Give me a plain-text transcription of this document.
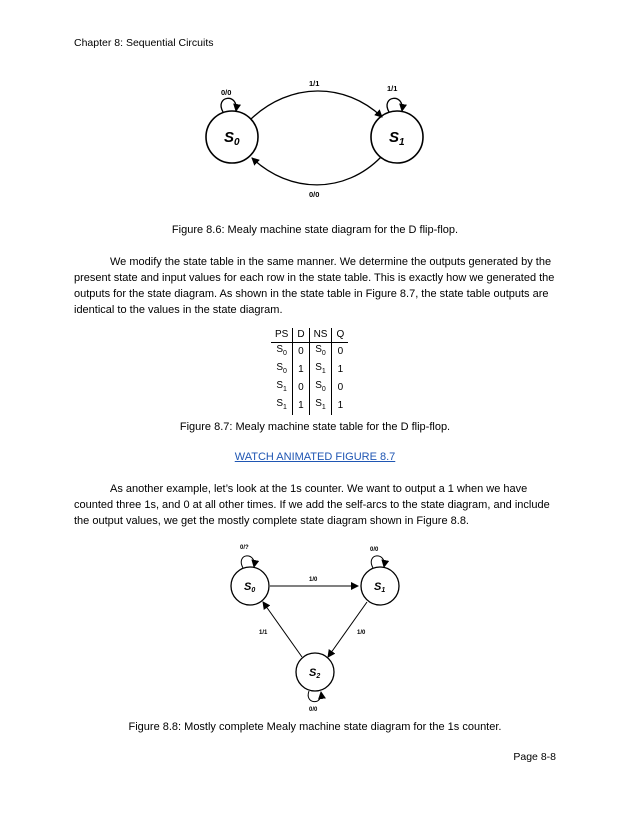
Chapter 8: Sequential Circuits
$S_0$	$S_1$
0/0
1/1
1/1
0/0
S0	S1
S2
0/?	0/0
1/0
1/1	1/0
0/0
Figure 8.6: Mealy machine state diagram for the D flip-flop.

We modify the state table in the same manner. We determine the outputs generated by the present state and input values for each row in the state table. This is exactly how we generated the outputs for the state diagram. As shown in the state table in Figure 8.7, the state table outputs are identical to the values in the state diagram.

PS	D	NS	Q
$S_0$	0	$S_0$	0
$S_0$	1	$S_1$	1
$S_1$	0	$S_0$	0
$S_1$	1	$S_1$	1
Figure 8.7: Mealy machine state table for the D flip-flop.
WATCH ANIMATED FIGURE 8.7

As another example, let’s look at the 1s counter. We want to output a 1 when we have counted three 1s, and 0 at all other times. If we add the self-arcs to the state diagram, and include the output values, we get the mostly complete state diagram shown in Figure 8.8.

Figure 8.8: Mostly complete Mealy machine state diagram for the 1s counter.
Page 8-8
